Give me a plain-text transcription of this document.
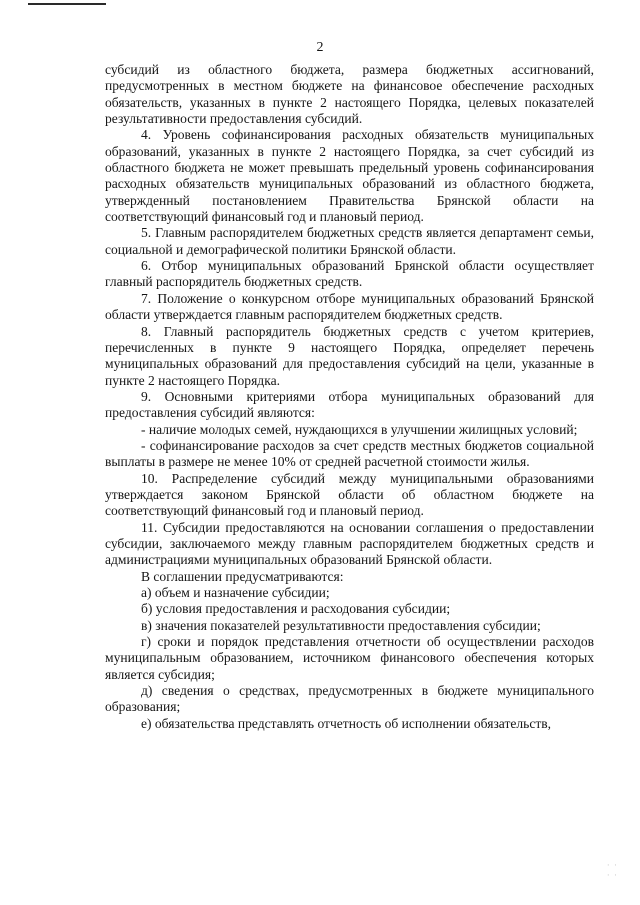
2

субсидий из областного бюджета, размера бюджетных ассигнований, предусмотренных в местном бюджете на финансовое обеспечение расходных обязательств, указанных в пункте 2 настоящего Порядка, целевых показателей результативности предоставления субсидий.

4. Уровень софинансирования расходных обязательств муниципальных образований, указанных в пункте 2 настоящего Порядка, за счет субсидий из областного бюджета не может превышать предельный уровень софинансирования расходных обязательств муниципальных образований из областного бюджета, утвержденный постановлением Правительства Брянской области на соответствующий финансовый год и плановый период.

5. Главным распорядителем бюджетных средств является департамент семьи, социальной и демографической политики Брянской области.

6. Отбор муниципальных образований Брянской области осуществляет главный распорядитель бюджетных средств.

7. Положение о конкурсном отборе муниципальных образований Брянской области утверждается главным распорядителем бюджетных средств.

8. Главный распорядитель бюджетных средств с учетом критериев, перечисленных в пункте 9 настоящего Порядка, определяет перечень муниципальных образований для предоставления субсидий на цели, указанные в пункте 2 настоящего Порядка.

9. Основными критериями отбора муниципальных образований для предоставления субсидий являются:

- наличие молодых семей, нуждающихся в улучшении жилищных условий;

- софинансирование расходов за счет средств местных бюджетов социальной выплаты в размере не менее 10% от средней расчетной стоимости жилья.

10. Распределение субсидий между муниципальными образованиями утверждается законом Брянской области об областном бюджете на соответствующий финансовый год и плановый период.

11. Субсидии предоставляются на основании соглашения о предоставлении субсидии, заключаемого между главным распорядителем бюджетных средств и администрациями муниципальных образований Брянской области.

В соглашении предусматриваются:

а) объем и назначение субсидии;

б) условия предоставления и расходования субсидии;

в) значения показателей результативности предоставления субсидии;

г) сроки и порядок представления отчетности об осуществлении расходов муниципальным образованием, источником финансового обеспечения которых является субсидия;

д) сведения о средствах, предусмотренных в бюджете муниципального образования;

е) обязательства представлять отчетность об исполнении обязательств,

· ·
· ·
